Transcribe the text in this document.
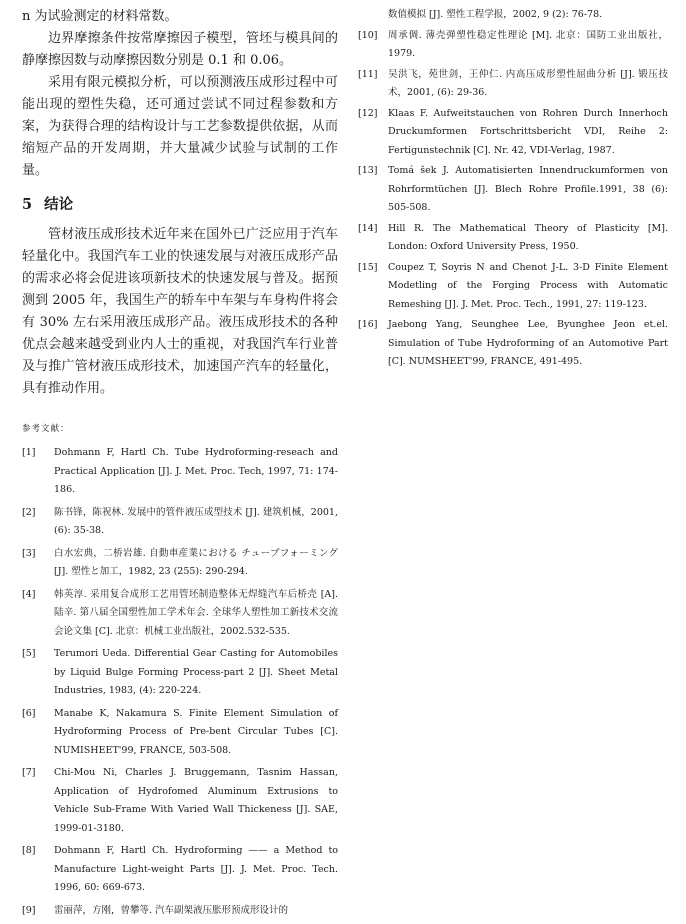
n 为试验测定的材料常数。

边界摩擦条件按常摩擦因子模型，管坯与模具间的静摩擦因数与动摩擦因数分别是 0.1 和 0.06。

采用有限元模拟分析，可以预测液压成形过程中可能出现的塑性失稳，还可通过尝试不同过程参数和方案，为获得合理的结构设计与工艺参数提供依据，从而缩短产品的开发周期，并大量减少试验与试制的工作量。

5 结论

管材液压成形技术近年来在国外已广泛应用于汽车轻量化中。我国汽车工业的快速发展与对液压成形产品的需求必将会促进该项新技术的快速发展与普及。据预测到 2005 年，我国生产的轿车中车架与车身构件将会有 30% 左右采用液压成形产品。液压成形技术的各种优点会越来越受到业内人士的重视，对我国汽车行业普及与推广管材液压成形技术，加速国产汽车的轻量化，具有推动作用。

参考文献：
[1] Dohmann F, Hartl Ch. Tube Hydroforming-reseach and Practical Application [J]. J. Met. Proc. Tech, 1997, 71: 174-186.
[2] 陈书锋，陈祝林. 发展中的管件液压成型技术 [J]. 建筑机械，2001, (6): 35-38.
[3] 白水宏典，二桥岩雄. 自動車産業における チューブフォーミング [J]. 塑性と加工，1982, 23 (255): 290-294.
[4] 韩英淳. 采用复合成形工艺用管坯制造整体无焊缝汽车后桥壳 [A]. 陆辛. 第八届全国塑性加工学术年会. 全球华人塑性加工新技术交流会论文集 [C]. 北京：机械工业出版社，2002.532-535.
[5] Terumori Ueda. Differential Gear Casting for Automobiles by Liquid Bulge Forming Process-part 2 [J]. Sheet Metal Industries, 1983, (4): 220-224.
[6] Manabe K, Nakamura S. Finite Element Simulation of Hydroforming Process of Pre-bent Circular Tubes [C]. NUMISHEET'99, FRANCE, 503-508.
[7] Chi-Mou Ni, Charles J. Bruggemann, Tasnim Hassan, Application of Hydrofomed Aluminum Extrusions to Vehicle Sub-Frame With Varied Wall Thickeness [J]. SAE, 1999-01-3180.
[8] Dohmann F, Hartl Ch. Hydroforming —— a Method to Manufacture Light-weight Parts [J]. J. Met. Proc. Tech. 1996, 60: 669-673.
[9] 雷丽萍，方刚，曾攀等. 汽车副架液压胀形预成形设计的
数值模拟 [J]. 塑性工程学报，2002, 9 (2): 76-78.
[10] 周承倜. 薄壳弹塑性稳定性理论 [M]. 北京：国防工业出版社，1979.
[11] 吴洪飞，苑世剑，王仲仁. 内高压成形塑性屈曲分析 [J]. 锻压技术，2001, (6): 29-36.
[12] Klaas F. Aufweitstauchen von Rohren Durch Innerhoch Druckumformen Fortschrittsbericht VDI, Reihe 2: Fertigunstechnik [C]. Nr. 42, VDI-Verlag, 1987.
[13] Tomá šek J. Automatisierten Innendruckumformen von Rohrformtüchen [J]. Blech Rohre Profile.1991, 38 (6): 505-508.
[14] Hill R. The Mathematical Theory of Plasticity [M]. London: Oxford University Press, 1950.
[15] Coupez T, Soyris N and Chenot J-L. 3-D Finite Element Modetling of the Forging Process with Automatic Remeshing [J]. J. Met. Proc. Tech., 1991, 27: 119-123.
[16] Jaebong Yang, Seunghee Lee, Byunghee Jeon et.el. Simulation of Tube Hydroforming of an Automotive Part [C]. NUMSHEET'99, FRANCE, 491-495.
